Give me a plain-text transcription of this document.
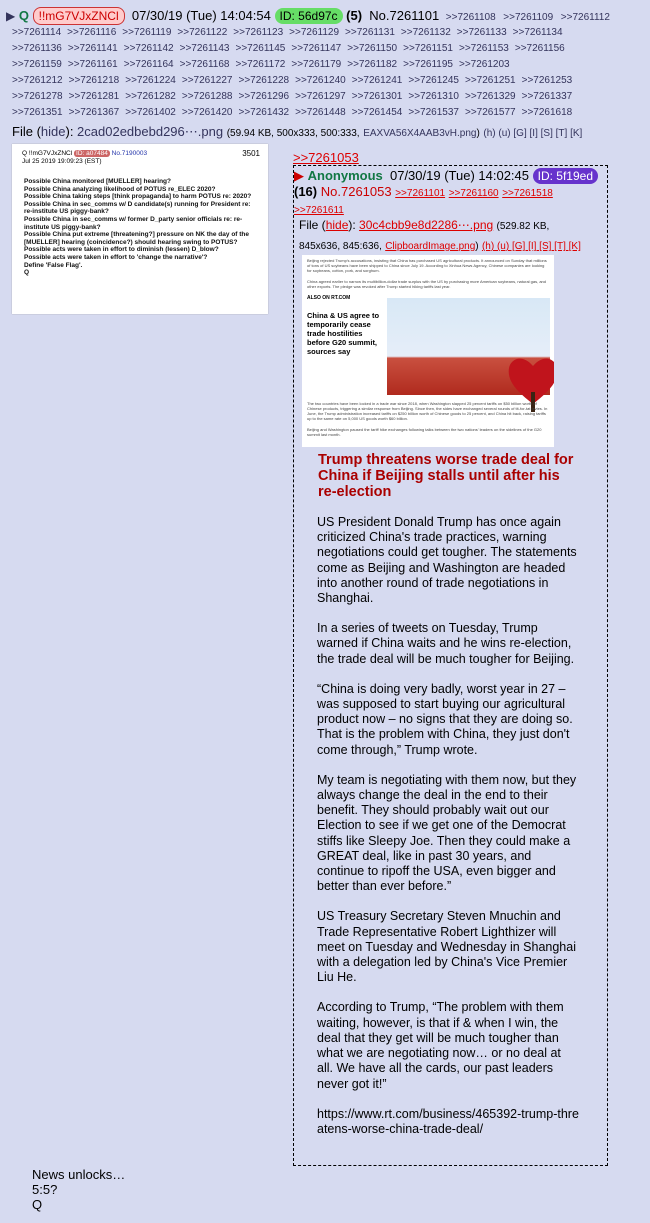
▶ Q !!mG7VJxZNCl 07/30/19 (Tue) 14:04:54 ID: 56d97c (5) No.7261101 >>7261108 >>7261109 >>7261112
>>7261114 >>7261116 >>7261119 >>7261122 >>7261123 >>7261129 >>7261131 >>7261132 >>7261133 >>7261134
>>7261136 >>7261141 >>7261142 >>7261143 >>7261145 >>7261147 >>7261150 >>7261151 >>7261153 >>7261156
>>7261159 >>7261161 >>7261164 >>7261168 >>7261172 >>7261179 >>7261182 >>7261195 >>7261203
>>7261212 >>7261218 >>7261224 >>7261227 >>7261228 >>7261240 >>7261241 >>7261245 >>7261251 >>7261253
>>7261278 >>7261281 >>7261282 >>7261288 >>7261296 >>7261297 >>7261301 >>7261310 >>7261329 >>7261337
>>7261351 >>7261367 >>7261402 >>7261420 >>7261432 >>7261448 >>7261454 >>7261537 >>7261577 >>7261618
File (hide): 2cad02edbebd296⋯.png (59.94 KB, 500x333, 500:333, EAXVA56X4AAB3vH.png) (h) (u) [G] [I] [S] [T] [K]
Q !!mG7VJxZNCl ID: a07484 No.7190003	3501

Jul 25 2019 19:09:23 (EST)
Possible China monitored [MUELLER] hearing?
Possible China analyzing likelihood of POTUS re_ELEC 2020?
Possible China taking steps [think propaganda] to harm POTUS re: 2020?
Possible China in sec_comms w/ D candidate(s) running for President re: re-institute US piggy-bank?
Possible China in sec_comms w/ former D_party senior officials re: re-institute US piggy-bank?
Possible China put extreme [threatening?] pressure on NK the day of the [MUELLER] hearing (coincidence?) should hearing swing to POTUS?
Possible acts were taken in effort to diminish (lessen) D_blow?
Possible acts were taken in effort to 'change the narrative'?
Define 'False Flag'.
Q
>>7261053
▶ Anonymous 07/30/19 (Tue) 14:02:45 ID: 5f19ed
(16) No.7261053 >>7261101 >>7261160 >>7261518
>>7261611
File (hide): 30c4cbb9e8d2286⋯.png (529.82 KB,
845x636, 845:636, ClipboardImage.png) (h) (u) [G] [I] [S] [T] [K]
Beijing rejected Trump's accusations, insisting that China has purchased US agricultural products. It announced on Sunday that millions of tons of US soybeans have been shipped to China since July 19. According to Xinhua News Agency, Chinese companies are looking for soybeans, cotton, pork, and sorghum.
China agreed earlier to narrow its multibillion-dollar trade surplus with the US by purchasing more American soybeans, natural gas, and other exports. The pledge was revoked after Trump started hiking tariffs last year.
ALSO ON RT.COM
China & US agree to temporarily cease trade hostilities before G20 summit, sources say
The two countries have been locked in a trade war since 2018, when Washington slapped 25 percent tariffs on $50 billion worth of Chinese products, triggering a similar response from Beijing. Since then, the sides have exchanged several rounds of tit-for-tat levies. In June, the Trump administration increased tariffs on $250 billion worth of Chinese goods to 25 percent, and China hit back, raising tariffs up to the same rate on 5,000 US goods worth $60 billion.
Beijing and Washington paused the tariff hike exchanges following talks between the two nations' leaders on the sidelines of the G20 summit last month.
Trump threatens worse trade deal for China if Beijing stalls until after his re-election

US President Donald Trump has once again criticized China's trade practices, warning negotiations could get tougher. The statements come as Beijing and Washington are headed into another round of trade negotiations in Shanghai.

In a series of tweets on Tuesday, Trump warned if China waits and he wins re-election, the trade deal will be much tougher for Beijing.

“China is doing very badly, worst year in 27 – was supposed to start buying our agricultural product now – no signs that they are doing so. That is the problem with China, they just don't come through,” Trump wrote.

My team is negotiating with them now, but they always change the deal in the end to their benefit. They should probably wait out our Election to see if we get one of the Democrat stiffs like Sleepy Joe. Then they could make a GREAT deal, like in past 30 years, and continue to ripoff the USA, even bigger and better than ever before.”

US Treasury Secretary Steven Mnuchin and Trade Representative Robert Lighthizer will meet on Tuesday and Wednesday in Shanghai with a delegation led by China's Vice Premier Liu He.

According to Trump, “The problem with them waiting, however, is that if & when I win, the deal that they get will be much tougher than what we are negotiating now… or no deal at all. We have all the cards, our past leaders never got it!”

https://www.rt.com/business/465392-trump-threatens-worse-china-trade-deal/

News unlocks…
5:5?
Q
